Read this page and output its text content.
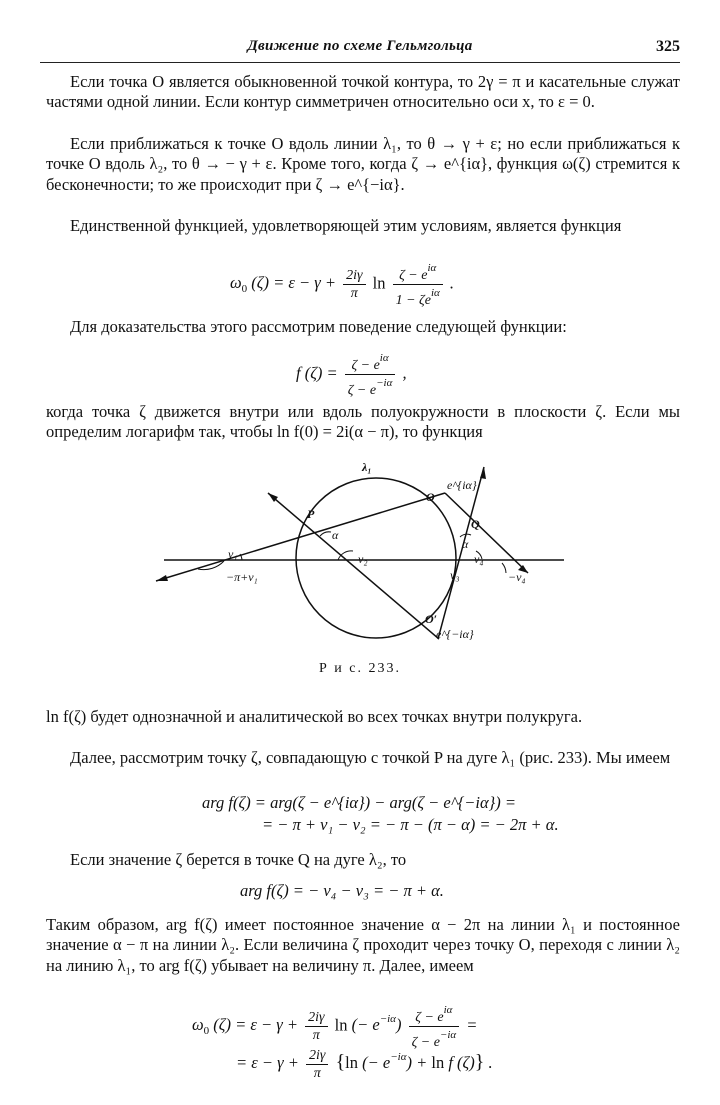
Движение по схеме Гельмгольца	325
Если точка O является обыкновенной точкой контура, то 2γ = π и касательные служат частями одной линии. Если контур симметричен относительно оси x, то ε = 0.
Если приближаться к точке O вдоль линии λ₁, то θ → γ + ε; но если приближаться к точке O вдоль λ₂, то θ → − γ + ε. Кроме того, когда ζ → e^{iα}, функция ω(ζ) стремится к бесконечности; то же происходит при ζ → e^{−iα}.
Единственной функцией, удовлетворяющей этим условиям, является функция
$\omega_0$ $(\zeta) = \varepsilon - \gamma + \frac{2i\gamma}{\pi}$ $\ln \frac{\zeta - e^{i\alpha}}{1 - \zeta e^{i\alpha}}$ .
Для доказательства этого рассмотрим поведение следующей функции:
f $(\zeta) = \frac{\zeta - e^{i\alpha}}{\zeta - e^{-i\alpha}}$ ,
когда точка ζ движется внутри или вдоль полуокружности в плоскости ζ. Если мы определим логарифм так, чтобы ln f(0) = 2i(α − π), то функция
λ₁
e^{iα}
O
P
Q
α
α
ν₁	ν₂	ν₄
ν₃	−ν₄
−π+ν₁
O′
e^{−iα}
Р и с. 233.
ln f(ζ) будет однозначной и аналитической во всех точках внутри полукруга.
Далее, рассмотрим точку ζ, совпадающую с точкой P на дуге λ₁ (рис. 233). Мы имеем
arg f(ζ) = arg(ζ − e^{iα}) − arg(ζ − e^{−iα}) =
= − π + ν₁ − ν₂ = − π − (π − α) = − 2π + α.
Если значение ζ берется в точке Q на дуге λ₂, то
arg f(ζ) = − ν₄ − ν₃ = − π + α.
Таким образом, arg f(ζ) имеет постоянное значение α − 2π на линии λ₁ и постоянное значение α − π на линии λ₂. Если величина ζ проходит через точку O, переходя с линии λ₂ на линию λ₁, то arg f(ζ) убывает на величину π. Далее, имеем
$\omega_0$ $(\zeta) = \varepsilon - \gamma + \frac{2i\gamma}{\pi}$ ln (− $e^{-i\alpha}) \frac{\zeta - e^{i\alpha}}{\zeta - e^{-i\alpha}}$ =
= $\varepsilon - \gamma + \frac{2i\gamma}{\pi} \{\ln$ (− $e^{-i\alpha}) + \ln f$ (ζ)} .
